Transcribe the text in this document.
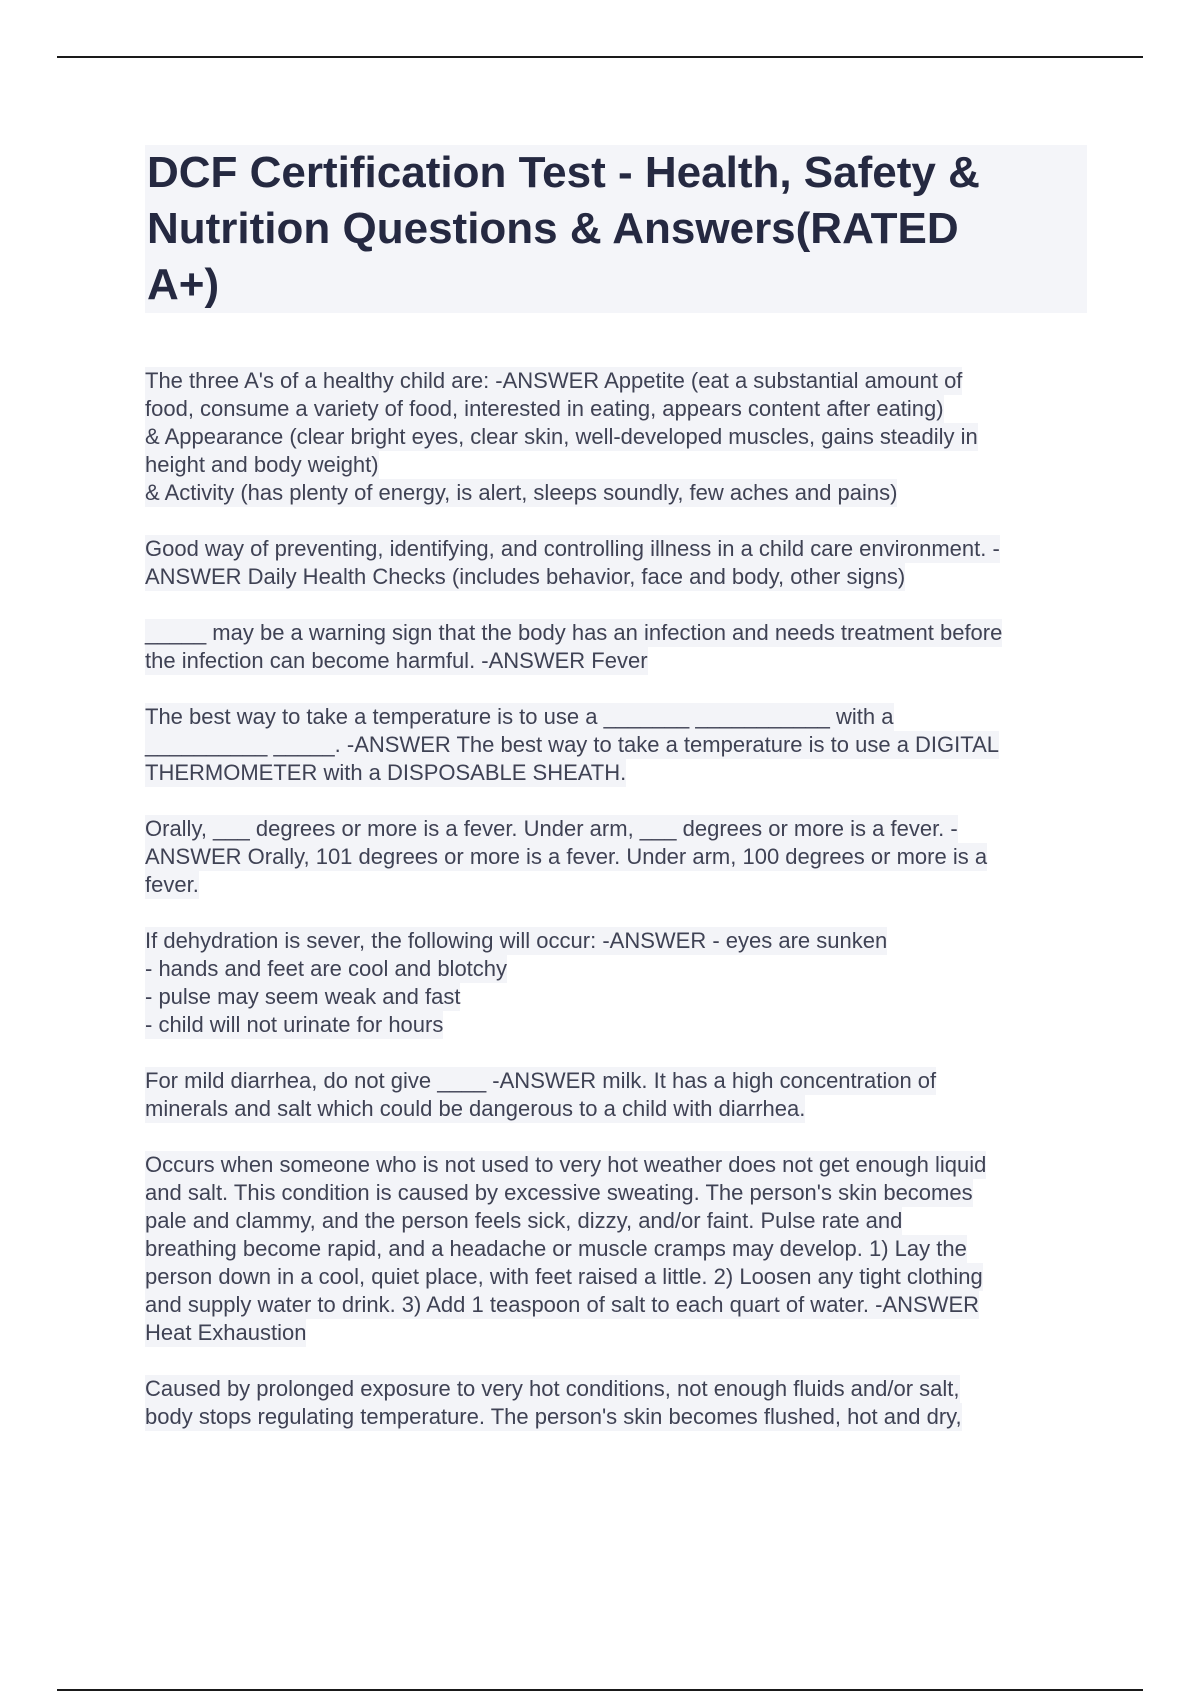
DCF Certification Test - Health, Safety &
Nutrition Questions & Answers(RATED
A+)
The three A's of a healthy child are: -ANSWER Appetite (eat a substantial amount of
food, consume a variety of food, interested in eating, appears content after eating)
& Appearance (clear bright eyes, clear skin, well-developed muscles, gains steadily in
height and body weight)
& Activity (has plenty of energy, is alert, sleeps soundly, few aches and pains)
Good way of preventing, identifying, and controlling illness in a child care environment. -
ANSWER Daily Health Checks (includes behavior, face and body, other signs)
_____ may be a warning sign that the body has an infection and needs treatment before
the infection can become harmful. -ANSWER Fever
The best way to take a temperature is to use a _______ ___________ with a
__________ _____. -ANSWER The best way to take a temperature is to use a DIGITAL
THERMOMETER with a DISPOSABLE SHEATH.
Orally, ___ degrees or more is a fever. Under arm, ___ degrees or more is a fever. -
ANSWER Orally, 101 degrees or more is a fever. Under arm, 100 degrees or more is a
fever.
If dehydration is sever, the following will occur: -ANSWER - eyes are sunken
- hands and feet are cool and blotchy
- pulse may seem weak and fast
- child will not urinate for hours
For mild diarrhea, do not give ____ -ANSWER milk. It has a high concentration of
minerals and salt which could be dangerous to a child with diarrhea.
Occurs when someone who is not used to very hot weather does not get enough liquid
and salt. This condition is caused by excessive sweating. The person's skin becomes
pale and clammy, and the person feels sick, dizzy, and/or faint. Pulse rate and
breathing become rapid, and a headache or muscle cramps may develop. 1) Lay the
person down in a cool, quiet place, with feet raised a little. 2) Loosen any tight clothing
and supply water to drink. 3) Add 1 teaspoon of salt to each quart of water. -ANSWER
Heat Exhaustion
Caused by prolonged exposure to very hot conditions, not enough fluids and/or salt,
body stops regulating temperature. The person's skin becomes flushed, hot and dry,
